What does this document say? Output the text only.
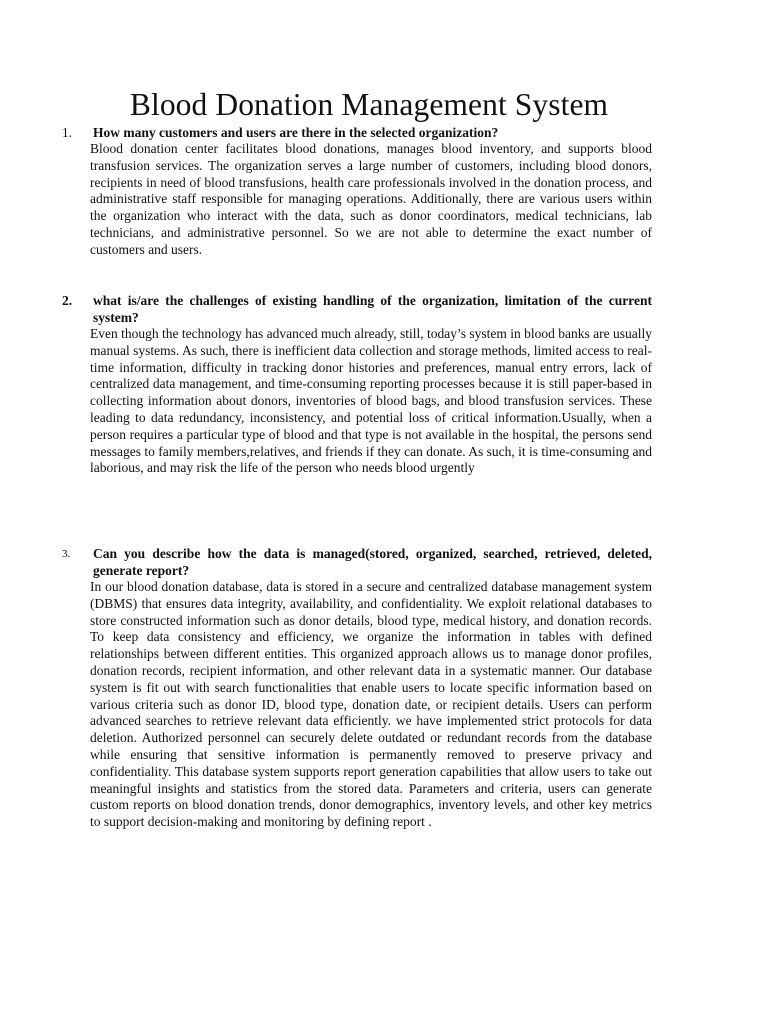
Blood Donation Management System
1.	How many customers and users are there in the selected organization?

Blood donation center facilitates blood donations, manages blood inventory, and supports blood transfusion services. The organization serves a large number of customers, including blood donors, recipients in need of blood transfusions, health care professionals involved in the donation process, and administrative staff responsible for managing operations. Additionally, there are various users within the organization who interact with the data, such as donor coordinators, medical technicians, lab technicians, and administrative personnel. So we are not able to determine the exact number of customers and users.

2.	what is/are the challenges of existing handling of the organization, limitation of the current system?

Even though the technology has advanced much already, still, today’s system in blood banks are usually manual systems. As such, there is inefficient data collection and storage methods, limited access to real-time information, difficulty in tracking donor histories and preferences, manual entry errors, lack of centralized data management, and time-consuming reporting processes because it is still paper-based in collecting information about donors, inventories of blood bags, and blood transfusion services. These leading to data redundancy, inconsistency, and potential loss of critical information.Usually, when a person requires a particular type of blood and that type is not available in the hospital, the persons send messages to family members,relatives, and friends if they can donate. As such, it is time-consuming and laborious, and may risk the life of the person who needs blood urgently

3.	Can you describe how the data is managed(stored, organized, searched, retrieved, deleted, generate report?

In our blood donation database, data is stored in a secure and centralized database management system (DBMS) that ensures data integrity, availability, and confidentiality. We exploit relational databases to store constructed information such as donor details, blood type, medical history, and donation records. To keep data consistency and efficiency, we organize the information in tables with defined relationships between different entities. This organized approach allows us to manage donor profiles, donation records, recipient information, and other relevant data in a systematic manner. Our database system is fit out with search functionalities that enable users to locate specific information based on various criteria such as donor ID, blood type, donation date, or recipient details. Users can perform advanced searches to retrieve relevant data efficiently. we have implemented strict protocols for data deletion. Authorized personnel can securely delete outdated or redundant records from the database while ensuring that sensitive information is permanently removed to preserve privacy and confidentiality. This database system supports report generation capabilities that allow users to take out meaningful insights and statistics from the stored data. Parameters and criteria, users can generate custom reports on blood donation trends, donor demographics, inventory levels, and other key metrics to support decision-making and monitoring by defining report .
